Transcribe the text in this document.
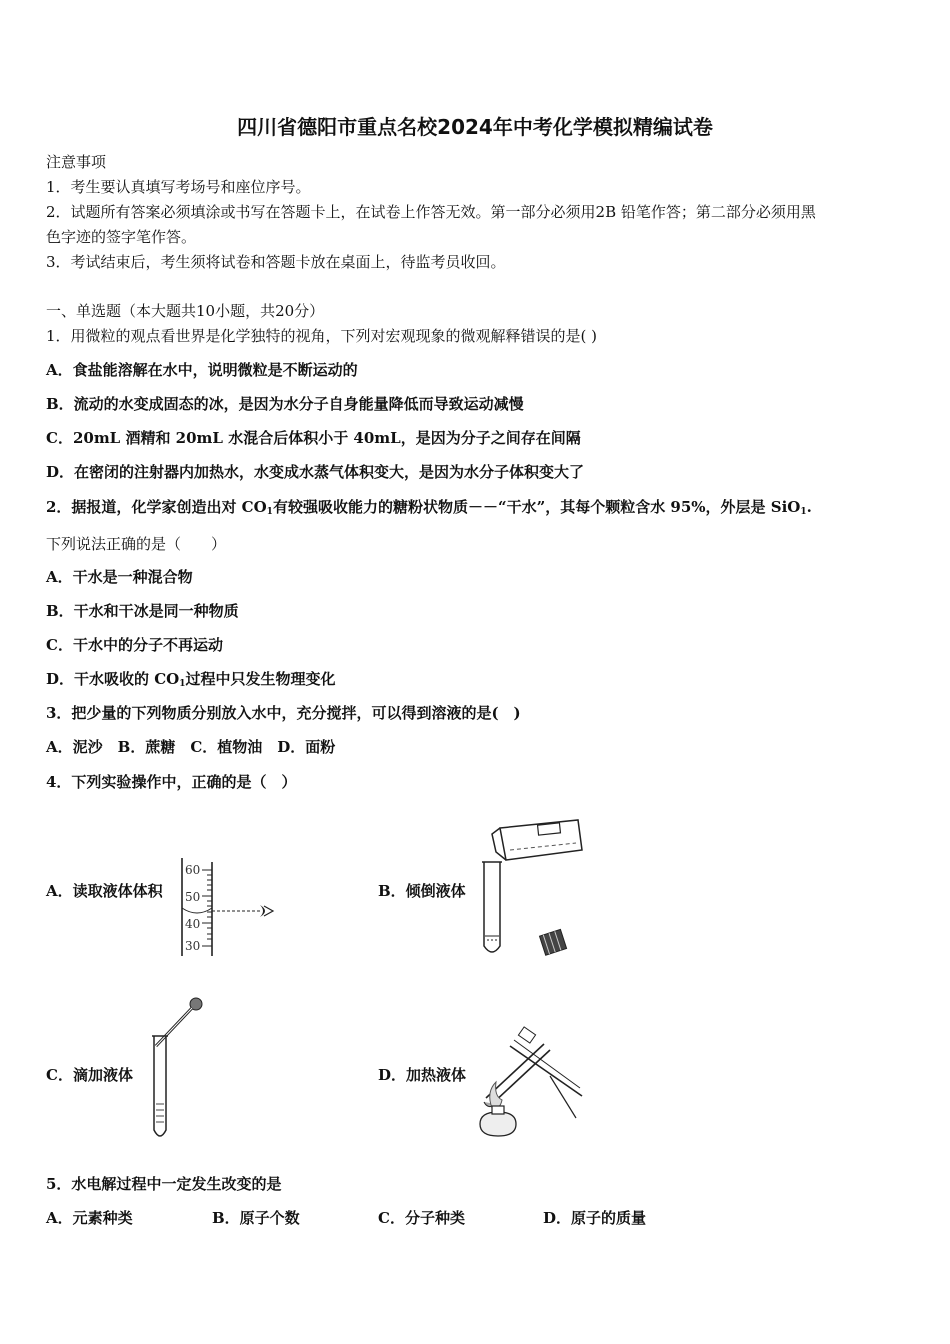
四川省德阳市重点名校2024年中考化学模拟精编试卷
注意事项
1．考生要认真填写考场号和座位序号。
2．试题所有答案必须填涂或书写在答题卡上，在试卷上作答无效。第一部分必须用2B 铅笔作答；第二部分必须用黑
色字迹的签字笔作答。
3．考试结束后，考生须将试卷和答题卡放在桌面上，待监考员收回。
一、单选题（本大题共10小题，共20分）
1．用微粒的观点看世界是化学独特的视角，下列对宏观现象的微观解释错误的是( )
A．食盐能溶解在水中，说明微粒是不断运动的
B．流动的水变成固态的冰，是因为水分子自身能量降低而导致运动减慢
C．20mL 酒精和 20mL 水混合后体积小于 40mL，是因为分子之间存在间隔
D．在密闭的注射器内加热水，水变成水蒸气体积变大，是因为水分子体积变大了
2．据报道，化学家创造出对 $CO_1$有较强吸收能力的糖粉状物质－－“干水”，其每个颗粒含水 95%，外层是 SiO$_1$.
下列说法正确的是（　　）
A．干水是一种混合物
B．干水和干冰是同一种物质
C．干水中的分子不再运动
D．干水吸收的 $CO_1$过程中只发生物理变化
3．把少量的下列物质分别放入水中，充分搅拌，可以得到溶液的是(　)
A．泥沙　B．蔗糖　C．植物油　D．面粉
4．下列实验操作中，正确的是（　）
A．读取液体体积	B．倾倒液体
C．滴加液体	D．加热液体
60
50
40
30
5．水电解过程中一定发生改变的是
A．元素种类	B．原子个数	C．分子种类	D．原子的质量
